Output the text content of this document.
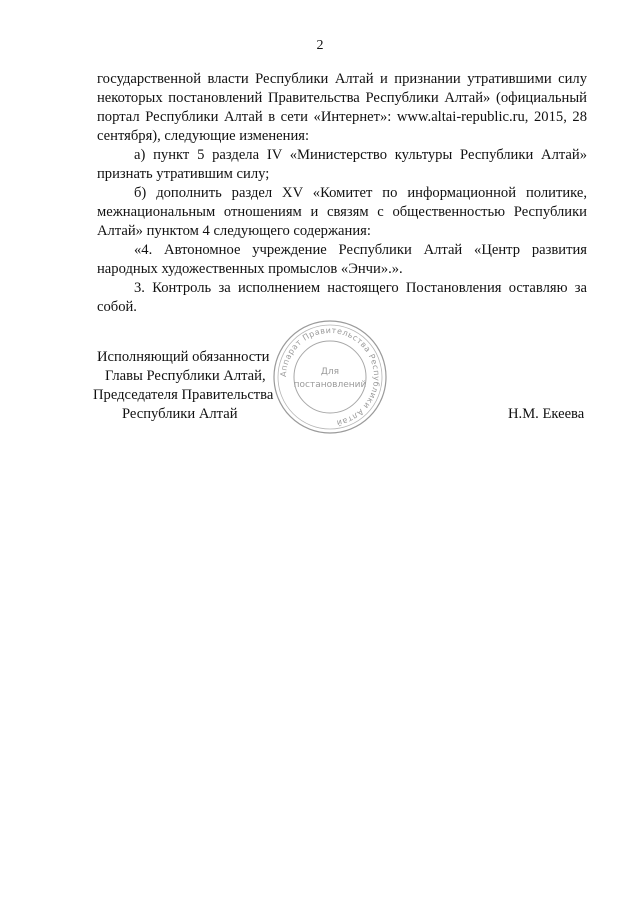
2

государственной власти Республики Алтай и признании утратившими силу некоторых постановлений Правительства Республики Алтай» (официальный портал Республики Алтай в сети «Интернет»: www.altai-republic.ru, 2015, 28 сентября), следующие изменения:

а) пункт 5 раздела IV «Министерство культуры Республики Алтай» признать утратившим силу;

б) дополнить раздел XV «Комитет по информационной политике, межнациональным отношениям и связям с общественностью Республики Алтай» пунктом 4 следующего содержания:

«4. Автономное учреждение Республики Алтай «Центр развития народных художественных промыслов «Энчи».».

3. Контроль за исполнением настоящего Постановления оставляю за собой.

Аппарат Правительства Республики Алтай
Для
постановлений
Исполняющий обязанности
Главы Республики Алтай,
Председателя Правительства
Республики Алтай	Н.М. Екеева
